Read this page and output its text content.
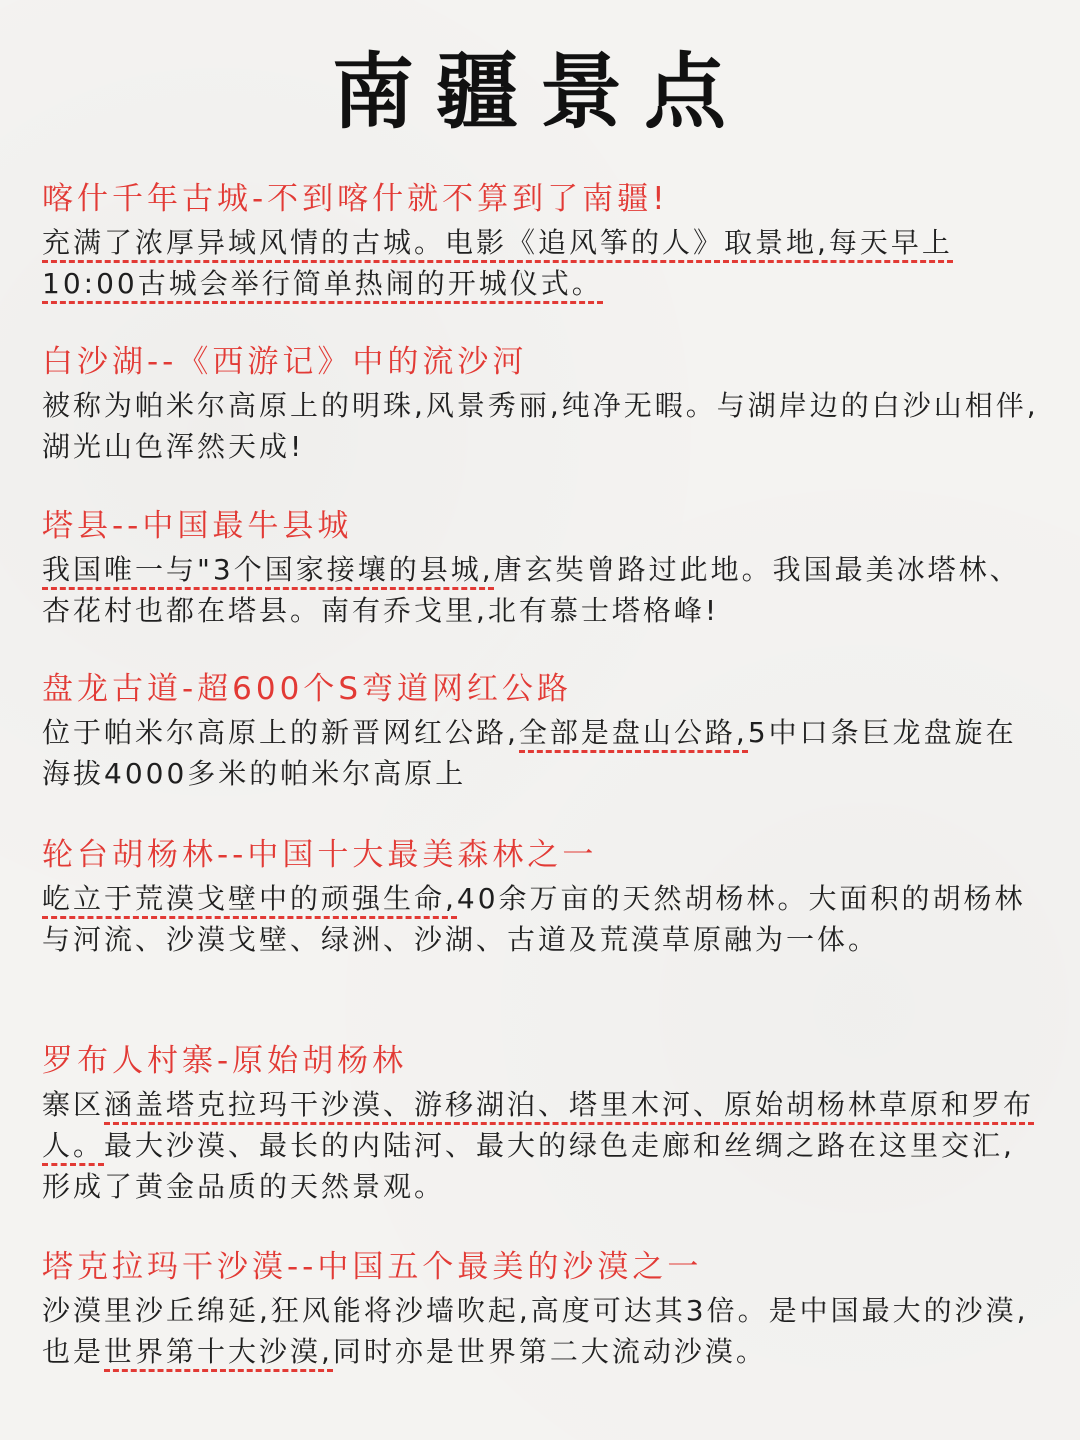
南疆景点
喀什千年古城-不到喀什就不算到了南疆!
充满了浓厚异域风情的古城。电影《追风筝的人》取景地,每天早上10:00古城会举行简单热闹的开城仪式。
白沙湖--《西游记》中的流沙河
被称为帕米尔高原上的明珠,风景秀丽,纯净无暇。与湖岸边的白沙山相伴,湖光山色浑然天成!
塔县--中国最牛县城
我国唯一与"3个国家接壤的县城,唐玄奘曾路过此地。我国最美冰塔林、杏花村也都在塔县。南有乔戈里,北有慕士塔格峰!
盘龙古道-超600个S弯道网红公路
位于帕米尔高原上的新晋网红公路,全部是盘山公路,5中口条巨龙盘旋在海拔4000多米的帕米尔高原上
轮台胡杨林--中国十大最美森林之一
屹立于荒漠戈壁中的顽强生命,40余万亩的天然胡杨林。大面积的胡杨林与河流、沙漠戈壁、绿洲、沙湖、古道及荒漠草原融为一体。
罗布人村寨-原始胡杨林
寨区涵盖塔克拉玛干沙漠、游移湖泊、塔里木河、原始胡杨林草原和罗布人。最大沙漠、最长的内陆河、最大的绿色走廊和丝绸之路在这里交汇,形成了黄金品质的天然景观。
塔克拉玛干沙漠--中国五个最美的沙漠之一
沙漠里沙丘绵延,狂风能将沙墙吹起,高度可达其3倍。是中国最大的沙漠,也是世界第十大沙漠,同时亦是世界第二大流动沙漠。
